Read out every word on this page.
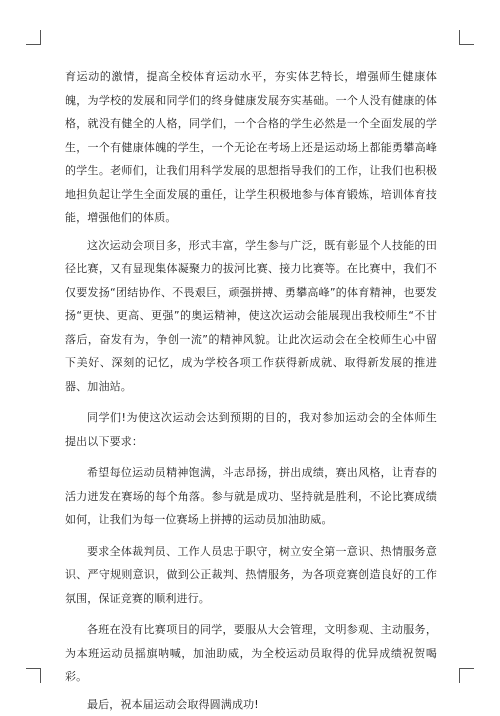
育运动的激情，提高全校体育运动水平，夯实体艺特长，增强师生健康体魄，为学校的发展和同学们的终身健康发展夯实基础。一个人没有健康的体格，就没有健全的人格，同学们，一个合格的学生必然是一个全面发展的学生，一个有健康体魄的学生，一个无论在考场上还是运动场上都能勇攀高峰的学生。老师们，让我们用科学发展的思想指导我们的工作，让我们也积极地担负起让学生全面发展的重任，让学生积极地参与体育锻炼，培训体育技能，增强他们的体质。

这次运动会项目多，形式丰富，学生参与广泛，既有彰显个人技能的田径比赛，又有显现集体凝聚力的拔河比赛、接力比赛等。在比赛中，我们不仅要发扬“团结协作、不畏艰巨，顽强拼搏、勇攀高峰”的体育精神，也要发扬“更快、更高、更强”的奥运精神，使这次运动会能展现出我校师生“不甘落后，奋发有为，争创一流”的精神风貌。让此次运动会在全校师生心中留下美好、深刻的记忆，成为学校各项工作获得新成就、取得新发展的推进器、加油站。

同学们!为使这次运动会达到预期的目的，我对参加运动会的全体师生提出以下要求：

希望每位运动员精神饱满，斗志昂扬，拼出成绩，赛出风格，让青春的活力迸发在赛场的每个角落。参与就是成功、坚持就是胜利，不论比赛成绩如何，让我们为每一位赛场上拼搏的运动员加油助威。

要求全体裁判员、工作人员忠于职守，树立安全第一意识、热情服务意识、严守规则意识，做到公正裁判、热情服务，为各项竞赛创造良好的工作氛围，保证竞赛的顺利进行。

各班在没有比赛项目的同学，要服从大会管理，文明参观、主动服务，为本班运动员摇旗呐喊，加油助威，为全校运动员取得的优异成绩祝贺喝彩。

最后，祝本届运动会取得圆满成功!
